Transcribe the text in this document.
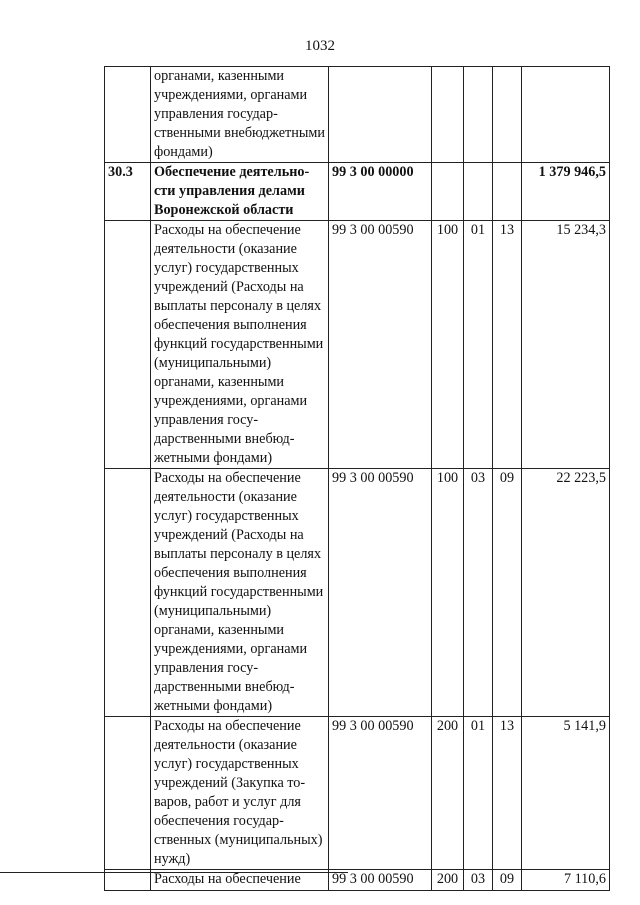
1032
	органами, казенными учреждениями, органами управления государственными внебюджетными фондами)					
30.3	Обеспечение деятельности управления делами Воронежской области	99 3 00 00000				1 379 946,5
	Расходы на обеспечение деятельности (оказание услуг) государственных учреждений (Расходы на выплаты персоналу в целях обеспечения выполнения функций государственными (муниципальными) органами, казенными учреждениями, органами управления государственными внебюджетными фондами)	99 3 00 00590	100	01	13	15 234,3
	Расходы на обеспечение деятельности (оказание услуг) государственных учреждений (Расходы на выплаты персоналу в целях обеспечения выполнения функций государственными (муниципальными) органами, казенными учреждениями, органами управления государственными внебюджетными фондами)	99 3 00 00590	100	03	09	22 223,5
	Расходы на обеспечение деятельности (оказание услуг) государственных учреждений (Закупка товаров, работ и услуг для обеспечения государственных (муниципальных) нужд)	99 3 00 00590	200	01	13	5 141,9
	Расходы на обеспечение	99 3 00 00590	200	03	09	7 110,6
